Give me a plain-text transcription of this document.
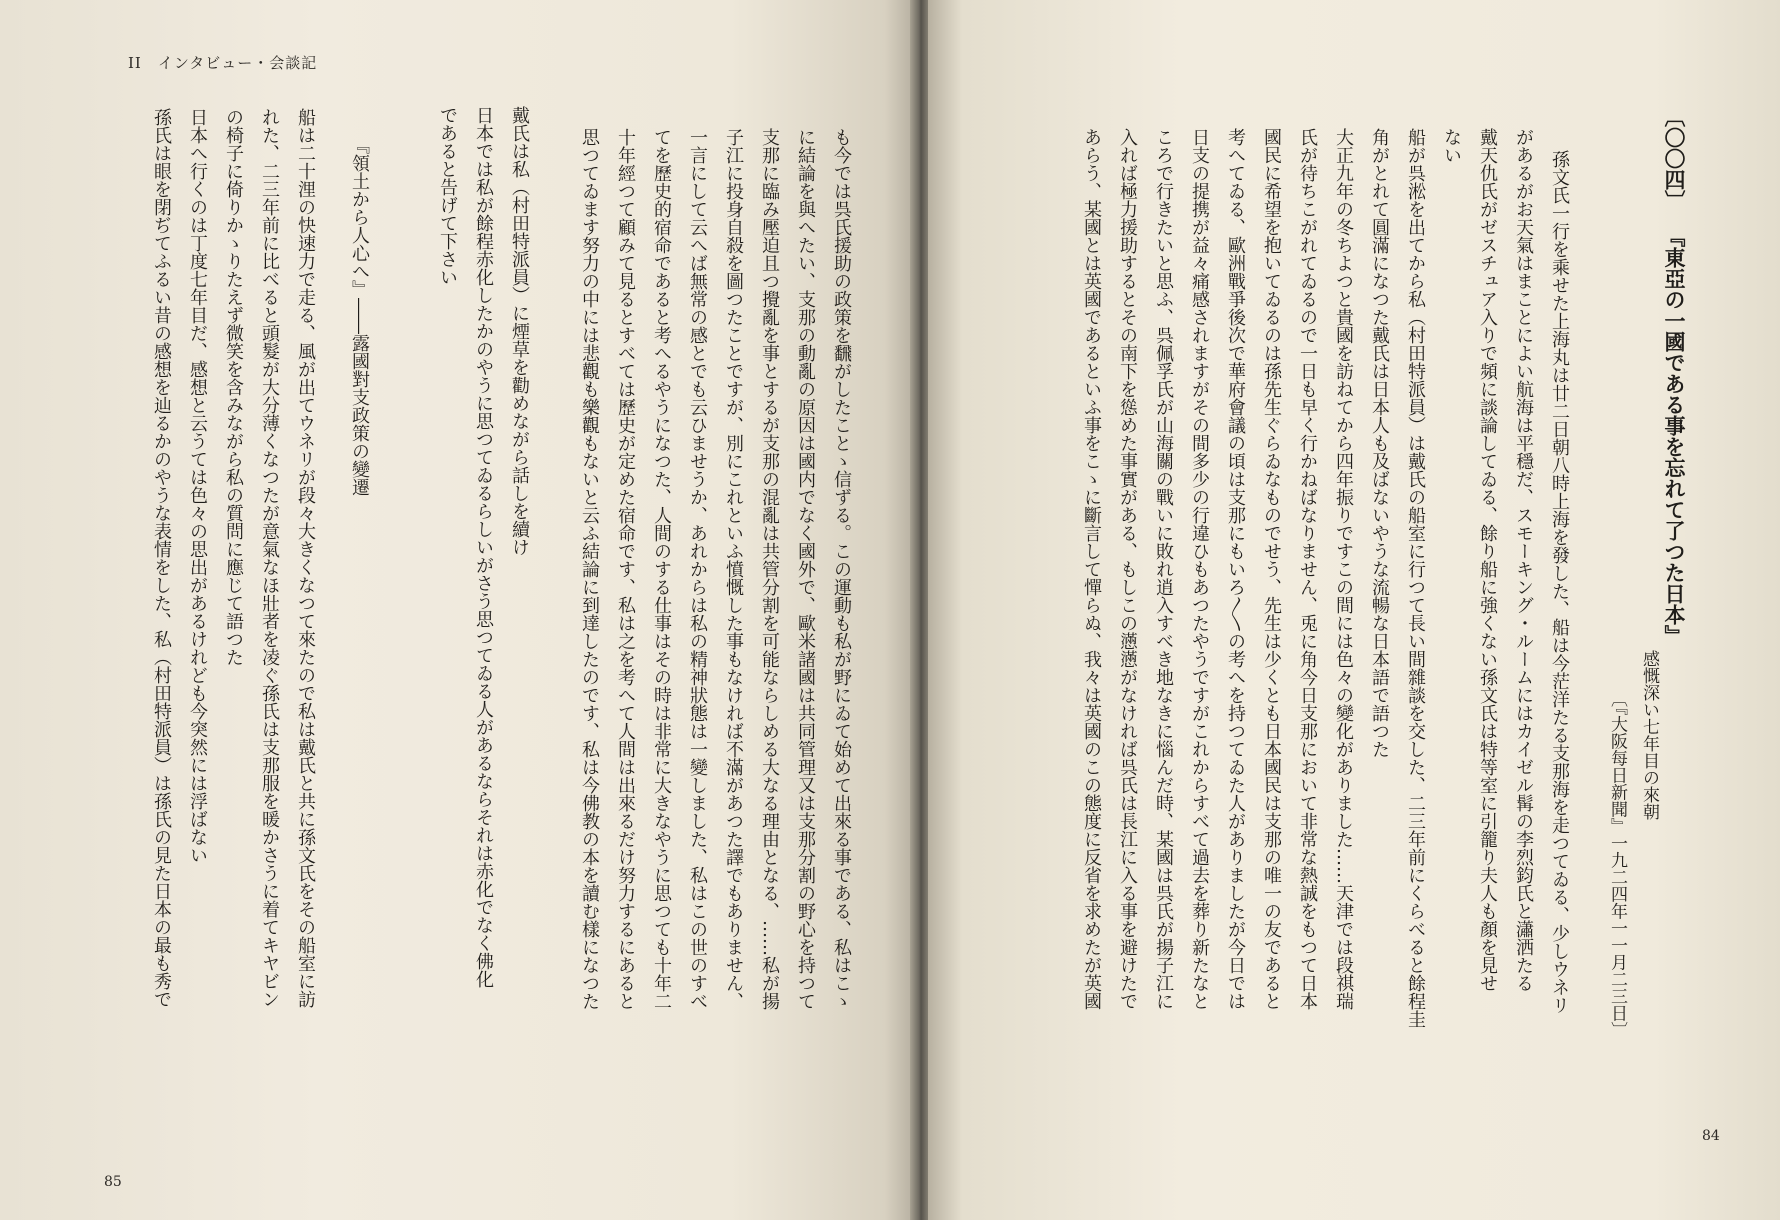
II　インタビュー・会談記
も今では呉氏援助の政策を飜がしたことゝ信ずる。この運動も私が野にゐて始めて出來る事である、私はこゝ
に結論を與へたい、支那の動亂の原因は國内でなく國外で、歐米諸國は共同管理又は支那分割の野心を持つて
支那に臨み壓迫且つ攪亂を事とするが支那の混亂は共管分割を可能ならしめる大なる理由となる、……私が揚
子江に投身自殺を圖つたことですが、別にこれといふ憤慨した事もなければ不滿があつた譯でもありません、
一言にして云へば無常の感とでも云ひませうか、あれからは私の精神狀態は一變しました、私はこの世のすべ
てを歷史的宿命であると考へるやうになつた、人間のする仕事はその時は非常に大きなやうに思つても十年二
十年經つて顧みて見るとすべては歷史が定めた宿命です、私は之を考へて人間は出來るだけ努力するにあると
思つてゐます努力の中には悲觀も樂觀もないと云ふ結論に到達したのです、私は今佛教の本を讀む樣になつた
戴氏は私（村田特派員）に煙草を勸めながら話しを續け
日本では私が餘程赤化したかのやうに思つてゐるらしいがさう思つてゐる人があるならそれは赤化でなく佛化
であると告げて下さい
『領土から人心へ』――露國對支政策の變遷
船は二十浬の快速力で走る、風が出てウネリが段々大きくなつて來たので私は戴氏と共に孫文氏をその船室に訪
れた、二三年前に比べると頭髮が大分薄くなつたが意氣なほ壯者を凌ぐ孫氏は支那服を暖かさうに着てキヤビン
の椅子に倚りかゝりたえず微笑を含みながら私の質問に應じて語つた
日本へ行くのは丁度七年目だ、感想と云うては色々の思出があるけれども今突然には浮ばない
孫氏は眼を閉ぢてふるい昔の感想を辿るかのやうな表情をした、私（村田特派員）は孫氏の見た日本の最も秀で
85
〔〇〇四〕
『東亞の一國である事を忘れて了つた日本』
感慨深い七年目の來朝
〔『大阪每日新聞』一九二四年一一月二三日〕
孫文氏一行を乘せた上海丸は廿二日朝八時上海を發した、船は今茫洋たる支那海を走つてゐる、少しウネリ
があるがお天氣はまことによい航海は平穩だ、スモーキング・ルームにはカイゼル髯の李烈鈞氏と瀟洒たる
戴天仇氏がゼスチュア入りで頻に談論してゐる、餘り船に強くない孫文氏は特等室に引籠り夫人も顏を見せ
ない
船が呉淞を出てから私（村田特派員）は戴氏の船室に行つて長い間雜談を交した、二三年前にくらべると餘程圭
角がとれて圓滿になつた戴氏は日本人も及ばないやうな流暢な日本語で語つた
大正九年の冬ちよつと貴國を訪ねてから四年振りですこの間には色々の變化がありました……天津では段祺瑞
氏が待ちこがれてゐるので一日も早く行かねばなりません、兎に角今日支那において非常な熱誠をもつて日本
國民に希望を抱いてゐるのは孫先生ぐらゐなものでせう、先生は少くとも日本國民は支那の唯一の友であると
考へてゐる、歐洲戰爭後次で華府會議の頃は支那にもいろ〳〵の考へを持つてゐた人がありましたが今日では
日支の提携が益々痛感されますがその間多少の行違ひもあつたやうですがこれからすべて過去を葬り新たなと
ころで行きたいと思ふ、呉佩孚氏が山海關の戰いに敗れ逍入すべき地なきに惱んだ時、某國は呉氏が揚子江に
入れば極力援助するとその南下を慫めた事實がある、もしこの懣懣がなければ呉氏は長江に入る事を避けたで
あらう、某國とは英國であるといふ事をこゝに斷言して憚らぬ、我々は英國のこの態度に反省を求めたが英國
84
